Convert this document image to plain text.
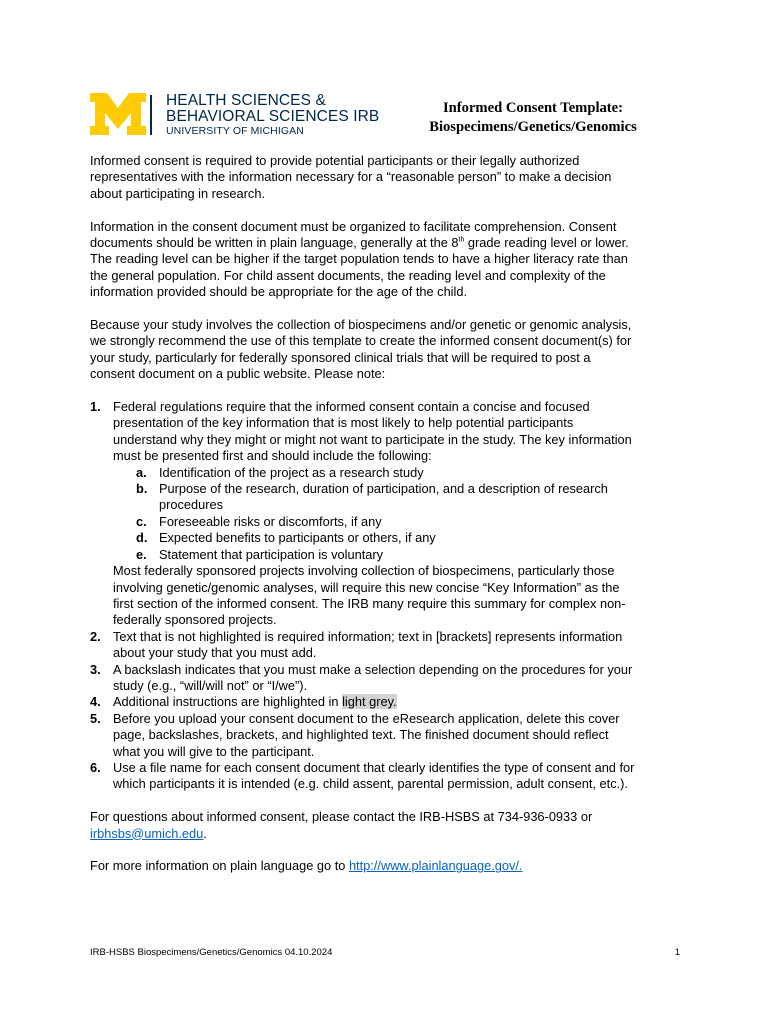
HEALTH SCIENCES &
BEHAVIORAL SCIENCES IRB
UNIVERSITY OF MICHIGAN
Informed Consent Template:
Biospecimens/Genetics/Genomics

Informed consent is required to provide potential participants or their legally authorized
representatives with the information necessary for a “reasonable person” to make a decision
about participating in research.

Information in the consent document must be organized to facilitate comprehension. Consent
documents should be written in plain language, generally at the 8th grade reading level or lower.
The reading level can be higher if the target population tends to have a higher literacy rate than
the general population. For child assent documents, the reading level and complexity of the
information provided should be appropriate for the age of the child.

Because your study involves the collection of biospecimens and/or genetic or genomic analysis,
we strongly recommend the use of this template to create the informed consent document(s) for
your study, particularly for federally sponsored clinical trials that will be required to post a
consent document on a public website. Please note:

1. Federal regulations require that the informed consent contain a concise and focused
presentation of the key information that is most likely to help potential participants
understand why they might or might not want to participate in the study. The key information
must be presented first and should include the following:
a. Identification of the project as a research study
b. Purpose of the research, duration of participation, and a description of research
procedures
c. Foreseeable risks or discomforts, if any
d. Expected benefits to participants or others, if any
e. Statement that participation is voluntary
Most federally sponsored projects involving collection of biospecimens, particularly those
involving genetic/genomic analyses, will require this new concise “Key Information” as the
first section of the informed consent. The IRB many require this summary for complex non-
federally sponsored projects.
2. Text that is not highlighted is required information; text in [brackets] represents information
about your study that you must add.
3. A backslash indicates that you must make a selection depending on the procedures for your
study (e.g., “will/will not” or “I/we”).
4. Additional instructions are highlighted in light grey.
5. Before you upload your consent document to the eResearch application, delete this cover
page, backslashes, brackets, and highlighted text. The finished document should reflect
what you will give to the participant.
6. Use a file name for each consent document that clearly identifies the type of consent and for
which participants it is intended (e.g. child assent, parental permission, adult consent, etc.).

For questions about informed consent, please contact the IRB-HSBS at 734-936-0933 or
irbhsbs@umich.edu.

For more information on plain language go to http://www.plainlanguage.gov/.

IRB-HSBS Biospecimens/Genetics/Genomics 04.10.2024	1
